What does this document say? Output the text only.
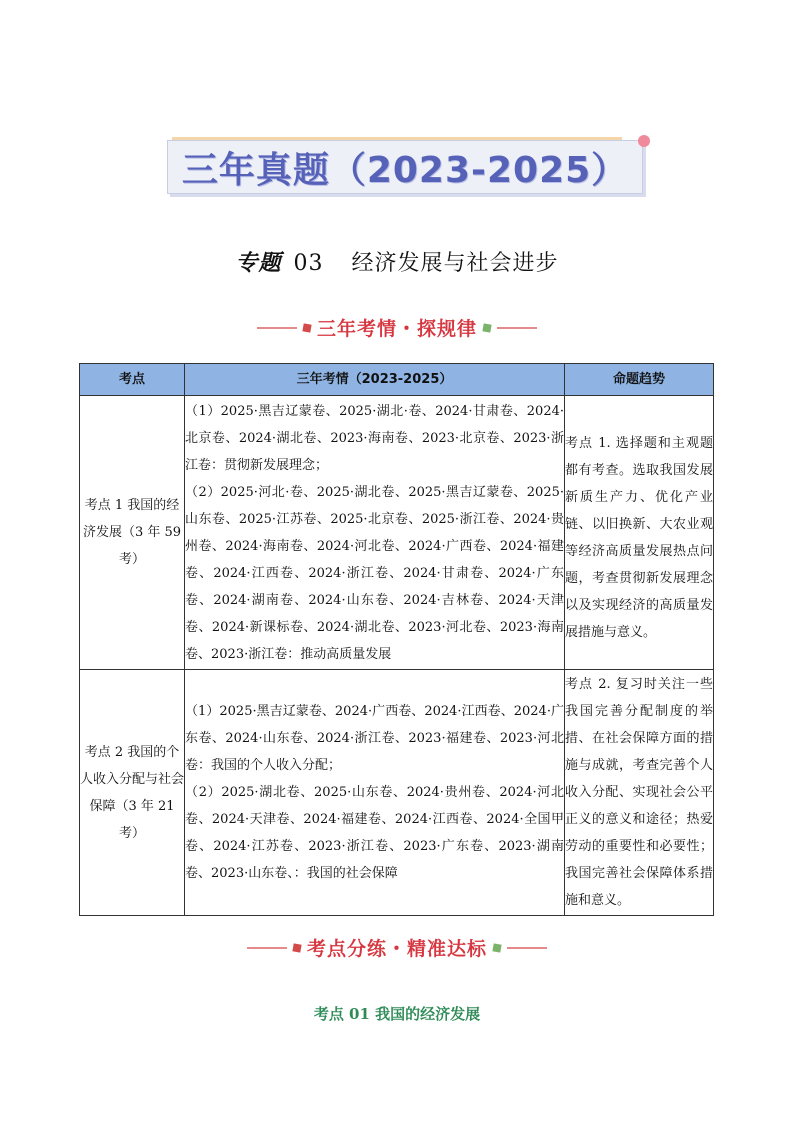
三年真题（2023-2025）
专题 03 经济发展与社会进步
三年考情・探规律
考点	三年考情（2023-2025）	命题趋势
考点 1 我国的经济发展（3 年 59 考）	（1）2025·黑吉辽蒙卷、2025·湖北·卷、2024·甘肃卷、2024·北京卷、2024·湖北卷、2023·海南卷、2023·北京卷、2023·浙江卷：贯彻新发展理念；

（2）2025·河北·卷、2025·湖北卷、2025·黑吉辽蒙卷、2025·山东卷、2025·江苏卷、2025·北京卷、2025·浙江卷、2024·贵州卷、2024·海南卷、2024·河北卷、2024·广西卷、2024·福建卷、2024·江西卷、2024·浙江卷、2024·甘肃卷、2024·广东卷、2024·湖南卷、2024·山东卷、2024·吉林卷、2024·天津卷、2024·新课标卷、2024·湖北卷、2023·河北卷、2023·海南卷、2023·浙江卷：推动高质量发展	考点 1. 选择题和主观题都有考查。选取我国发展新质生产力、优化产业链、以旧换新、大农业观等经济高质量发展热点问题，考查贯彻新发展理念以及实现经济的高质量发展措施与意义。
考点 2 我国的个人收入分配与社会保障（3 年 21 考）	（1）2025·黑吉辽蒙卷、2024·广西卷、2024·江西卷、2024·广东卷、2024·山东卷、2024·浙江卷、2023·福建卷、2023·河北卷：我国的个人收入分配；

（2）2025·湖北卷、2025·山东卷、2024·贵州卷、2024·河北卷、2024·天津卷、2024·福建卷、2024·江西卷、2024·全国甲卷、2024·江苏卷、2023·浙江卷、2023·广东卷、2023·湖南卷、2023·山东卷、：我国的社会保障	考点 2. 复习时关注一些我国完善分配制度的举措、在社会保障方面的措施与成就，考查完善个人收入分配、实现社会公平正义的意义和途径；热爱劳动的重要性和必要性；我国完善社会保障体系措施和意义。
考点分练・精准达标
考点 01 我国的经济发展
